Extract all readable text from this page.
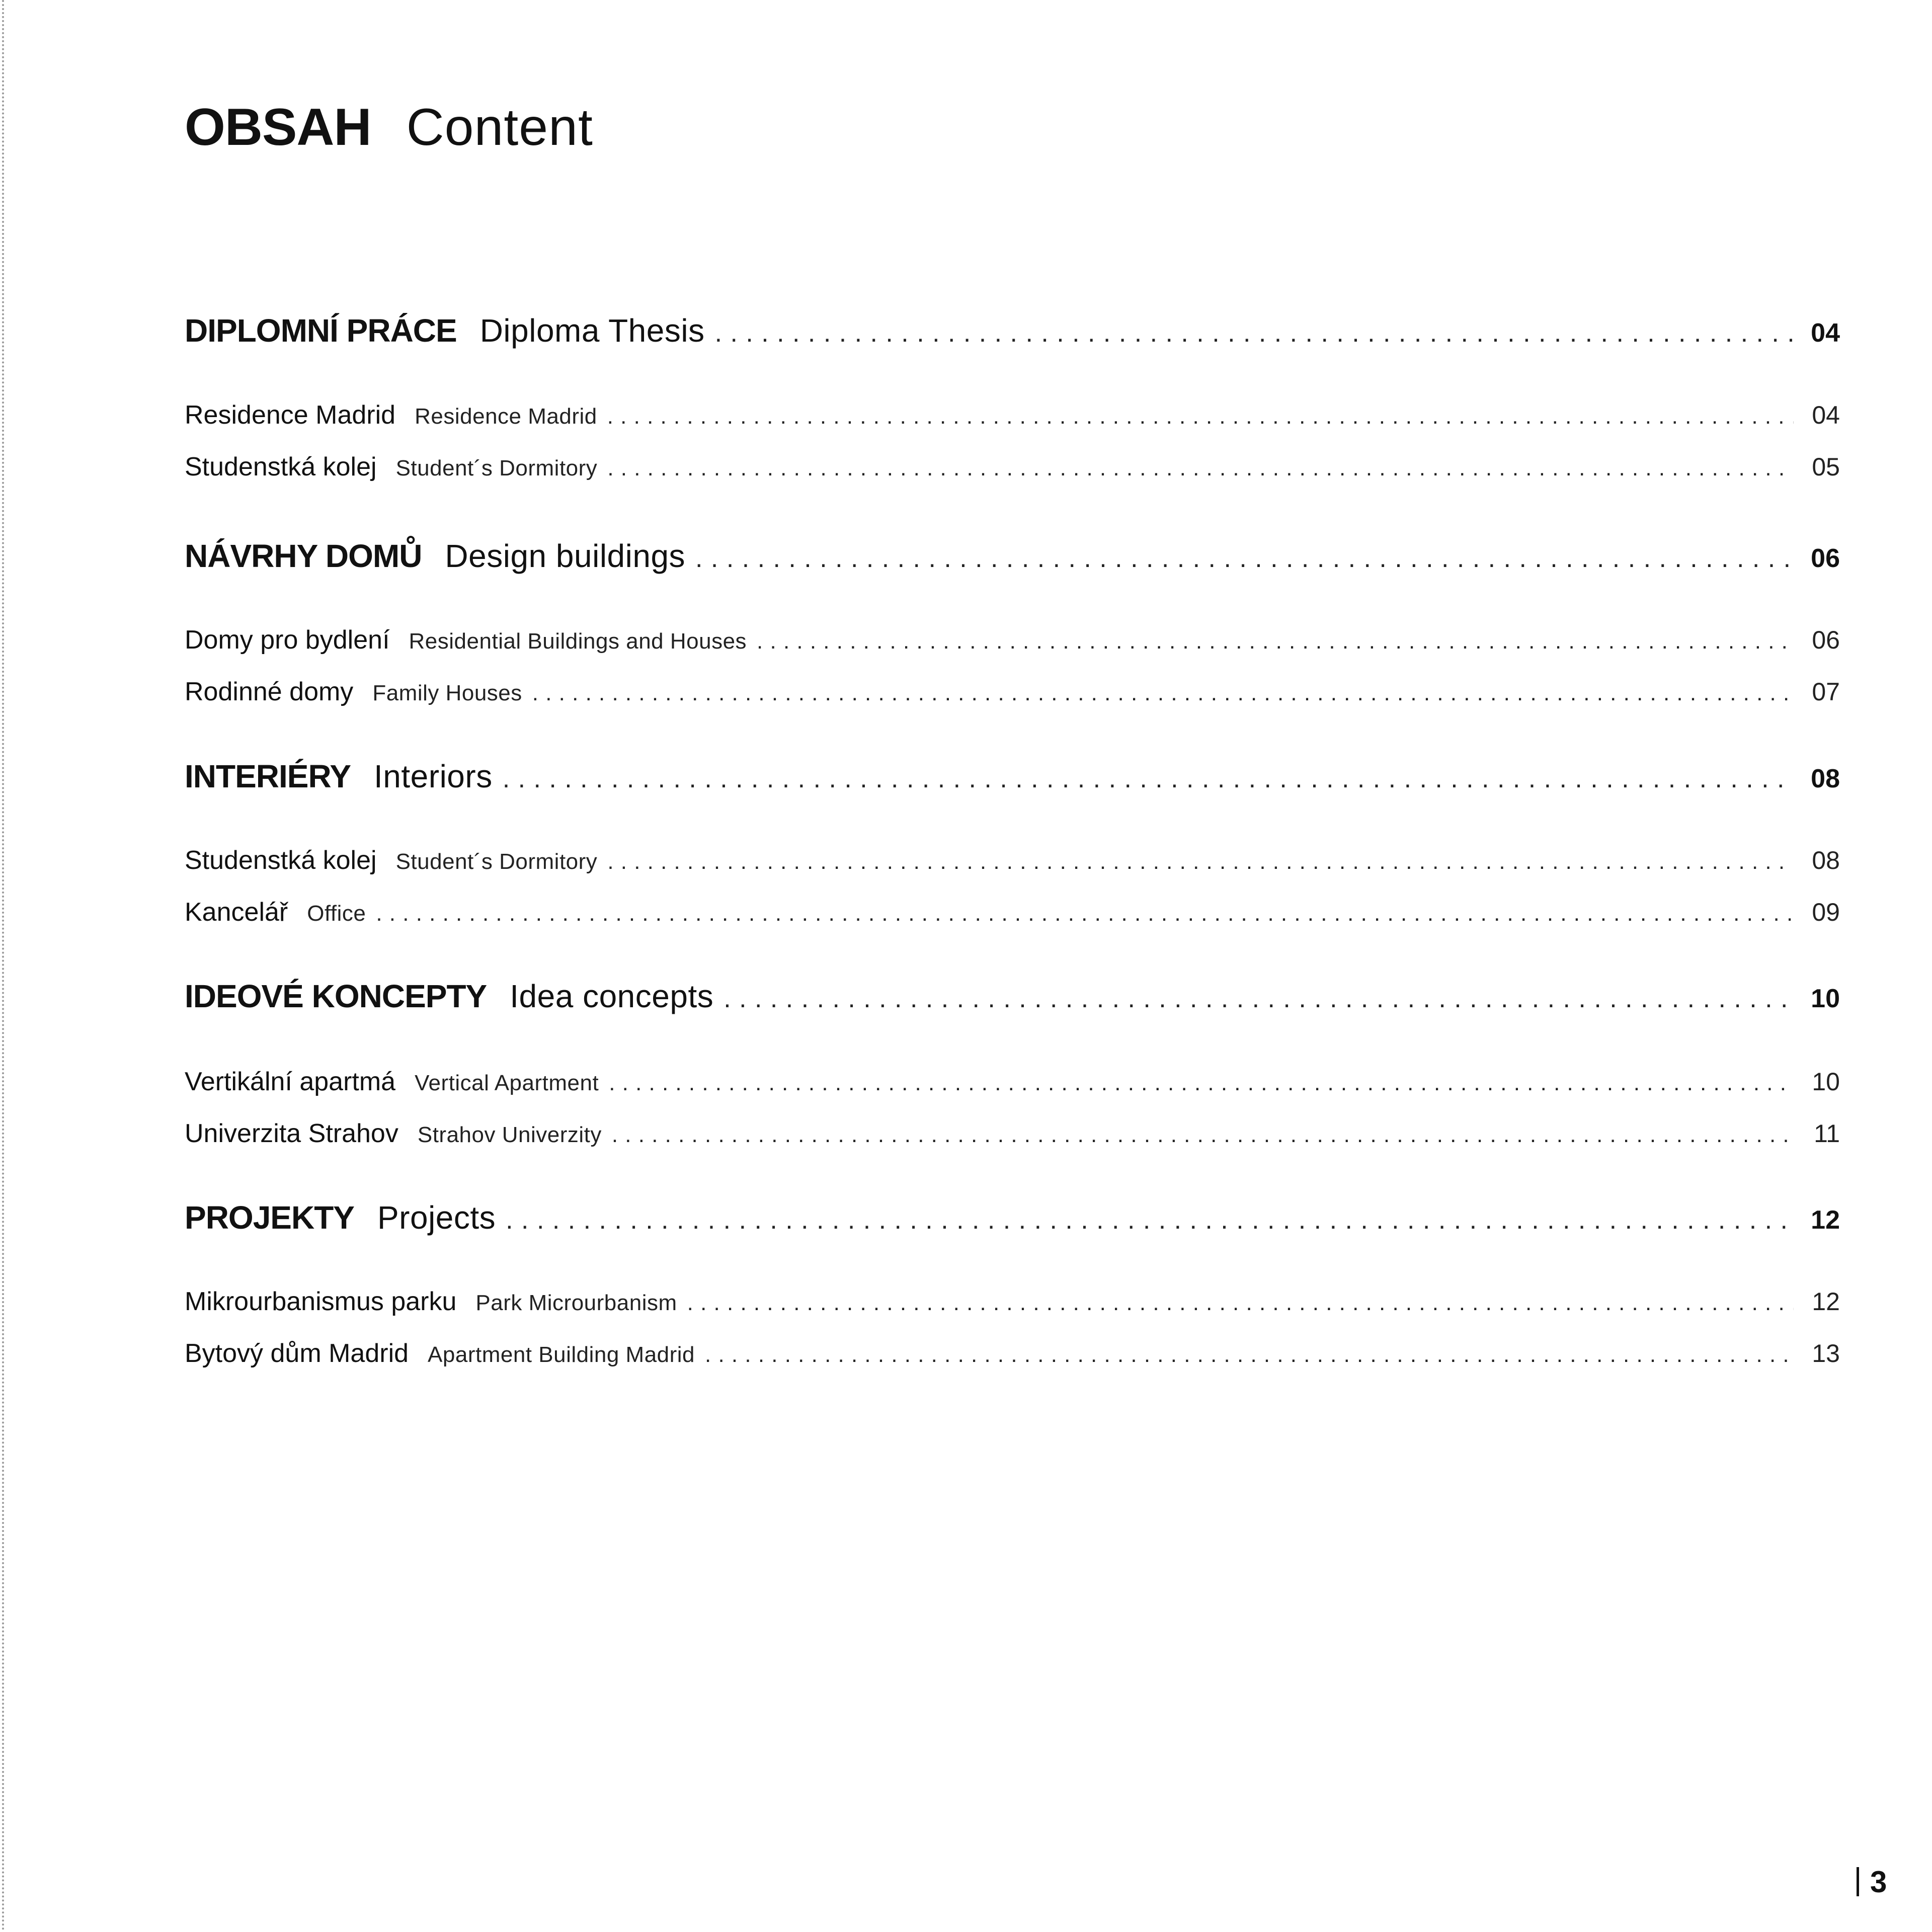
OBSAH Content
DIPLOMNÍ PRÁCE Diploma Thesis . . .	04
Residence Madrid Residence Madrid . . .	04
Studenstká kolej Student´s Dormitory . . .	05
NÁVRHY DOMŮ Design buildings . . .	06
Domy pro bydlení Residential Buildings and Houses . . .	06
Rodinné domy Family Houses . . .	07
INTERIÉRY Interiors . . .	08
Studenstká kolej Student´s Dormitory . . .	08
Kancelář Office . . .	09
IDEOVÉ KONCEPTY Idea concepts . . .	10
Vertikální apartmá Vertical Apartment . . .	10
Univerzita Strahov Strahov Univerzity . . .	11
PROJEKTY Projects . . .	12
Mikrourbanismus parku Park Microurbanism . . .	12
Bytový dům Madrid Apartment Building Madrid . . .	13
3
